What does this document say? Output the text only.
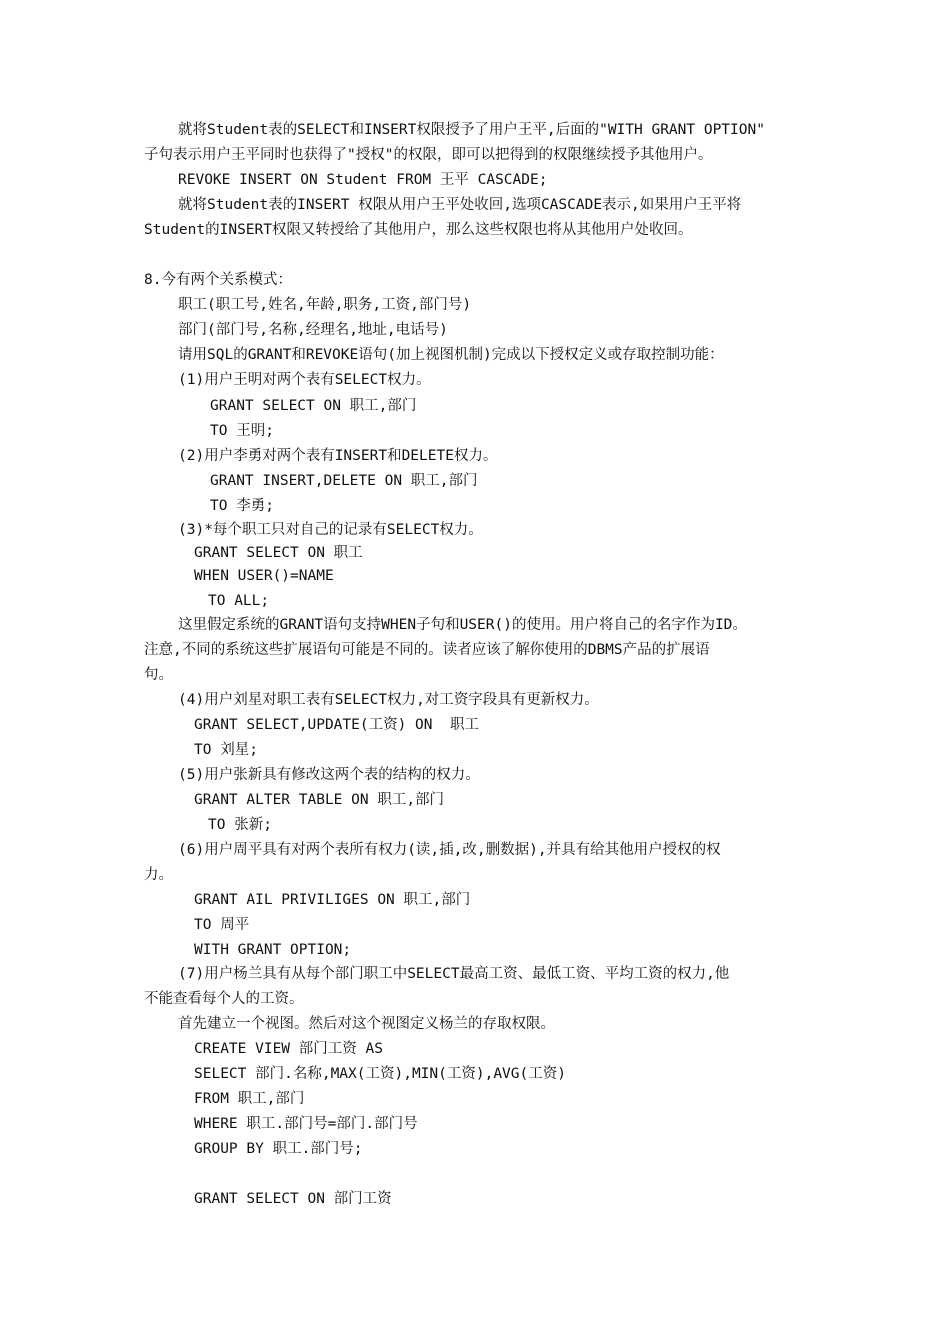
就将Student表的SELECT和INSERT权限授予了用户王平,后面的"WITH GRANT OPTION"
子句表示用户王平同时也获得了"授权"的权限，即可以把得到的权限继续授予其他用户。
REVOKE INSERT ON Student FROM 王平 CASCADE;
就将Student表的INSERT 权限从用户王平处收回,选项CASCADE表示,如果用户王平将
Student的INSERT权限又转授给了其他用户，那么这些权限也将从其他用户处收回。
8.今有两个关系模式：
职工(职工号,姓名,年龄,职务,工资,部门号)
部门(部门号,名称,经理名,地址,电话号)
请用SQL的GRANT和REVOKE语句(加上视图机制)完成以下授权定义或存取控制功能：
(1)用户王明对两个表有SELECT权力。
GRANT SELECT ON 职工,部门
TO 王明;
(2)用户李勇对两个表有INSERT和DELETE权力。
GRANT INSERT,DELETE ON 职工,部门
TO 李勇;
(3)*每个职工只对自己的记录有SELECT权力。
GRANT SELECT ON 职工
WHEN USER()=NAME
TO ALL;
这里假定系统的GRANT语句支持WHEN子句和USER()的使用。用户将自己的名字作为ID。
注意,不同的系统这些扩展语句可能是不同的。读者应该了解你使用的DBMS产品的扩展语
句。
(4)用户刘星对职工表有SELECT权力,对工资字段具有更新权力。
GRANT SELECT,UPDATE(工资) ON  职工
TO 刘星;
(5)用户张新具有修改这两个表的结构的权力。
GRANT ALTER TABLE ON 职工,部门
TO 张新;
(6)用户周平具有对两个表所有权力(读,插,改,删数据),并具有给其他用户授权的权
力。
GRANT AIL PRIVILIGES ON 职工,部门
TO 周平
WITH GRANT OPTION;
(7)用户杨兰具有从每个部门职工中SELECT最高工资、最低工资、平均工资的权力,他
不能查看每个人的工资。
首先建立一个视图。然后对这个视图定义杨兰的存取权限。
CREATE VIEW 部门工资 AS
SELECT 部门.名称,MAX(工资),MIN(工资),AVG(工资)
FROM 职工,部门
WHERE 职工.部门号=部门.部门号
GROUP BY 职工.部门号;
GRANT SELECT ON 部门工资
